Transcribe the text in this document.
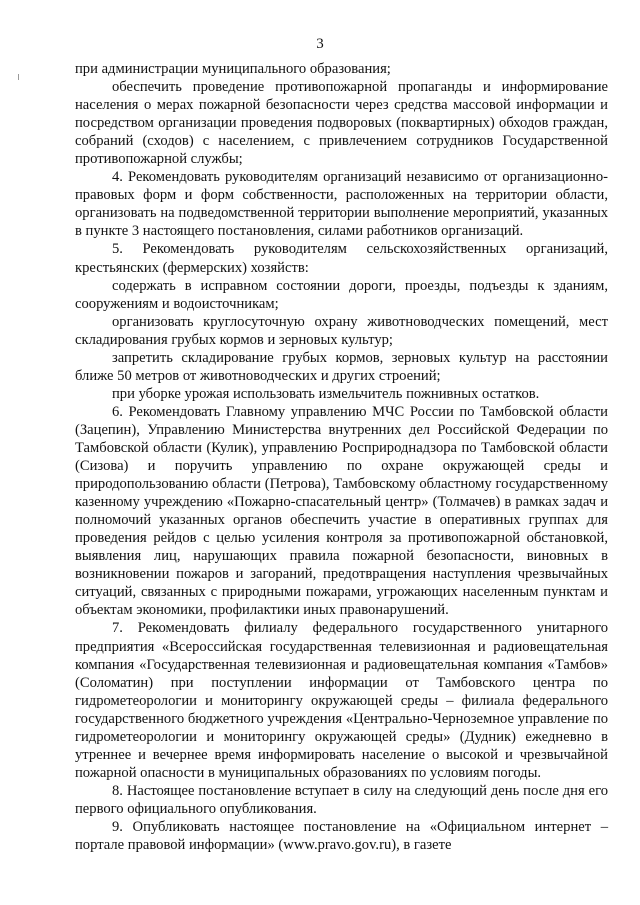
3

при администрации муниципального образования;

обеспечить проведение противопожарной пропаганды и информирование населения о мерах пожарной безопасности через средства массовой информации и посредством организации проведения подворовых (поквартирных) обходов граждан, собраний (сходов) с населением, с привлечением сотрудников Государственной противопожарной службы;

4. Рекомендовать руководителям организаций независимо от организационно-правовых форм и форм собственности, расположенных на территории области, организовать на подведомственной территории выполнение мероприятий, указанных в пункте 3 настоящего постановления, силами работников организаций.

5. Рекомендовать руководителям сельскохозяйственных организаций, крестьянских (фермерских) хозяйств:

содержать в исправном состоянии дороги, проезды, подъезды к зданиям, сооружениям и водоисточникам;

организовать круглосуточную охрану животноводческих помещений, мест складирования грубых кормов и зерновых культур;

запретить складирование грубых кормов, зерновых культур на расстоянии ближе 50 метров от животноводческих и других строений;

при уборке урожая использовать измельчитель пожнивных остатков.

6. Рекомендовать Главному управлению МЧС России по Тамбовской области (Зацепин), Управлению Министерства внутренних дел Российской Федерации по Тамбовской области (Кулик), управлению Росприроднадзора по Тамбовской области (Сизова) и поручить управлению по охране окружающей среды и природопользованию области (Петрова), Тамбовскому областному государственному казенному учреждению «Пожарно-спасательный центр» (Толмачев) в рамках задач и полномочий указанных органов обеспечить участие в оперативных группах для проведения рейдов с целью усиления контроля за противопожарной обстановкой, выявления лиц, нарушающих правила пожарной безопасности, виновных в возникновении пожаров и загораний, предотвращения наступления чрезвычайных ситуаций, связанных с природными пожарами, угрожающих населенным пунктам и объектам экономики, профилактики иных правонарушений.

7. Рекомендовать филиалу федерального государственного унитарного предприятия «Всероссийская государственная телевизионная и радиовещательная компания «Государственная телевизионная и радиовещательная компания «Тамбов» (Соломатин) при поступлении информации от Тамбовского центра по гидрометеорологии и мониторингу окружающей среды – филиала федерального государственного бюджетного учреждения «Центрально-Черноземное управление по гидрометеорологии и мониторингу окружающей среды» (Дудник) ежедневно в утреннее и вечернее время информировать население о высокой и чрезвычайной пожарной опасности в муниципальных образованиях по условиям погоды.

8. Настоящее постановление вступает в силу на следующий день после дня его первого официального опубликования.

9. Опубликовать настоящее постановление на «Официальном интернет – портале правовой информации» (www.pravo.gov.ru), в газете
